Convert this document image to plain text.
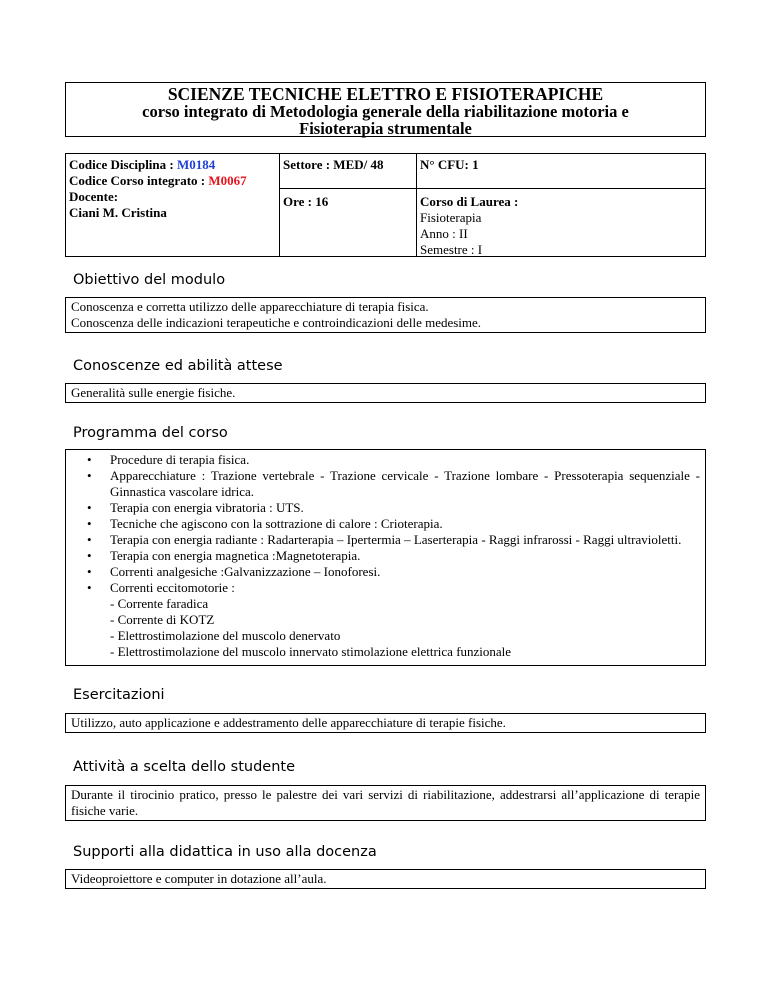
SCIENZE TECNICHE ELETTRO E FISIOTERAPICHE
corso integrato di Metodologia generale della riabilitazione motoria e
Fisioterapia strumentale
Codice Disciplina : M0184
Codice Corso integrato : M0067
Docente:
Ciani M. Cristina
Settore : MED/ 48
Ore : 16
N° CFU: 1
Corso di Laurea :
Fisioterapia
Anno : II
Semestre : I
Obiettivo del modulo
Conoscenza e corretta utilizzo delle apparecchiature di terapia fisica.
Conoscenza delle indicazioni terapeutiche e controindicazioni delle medesime.
Conoscenze ed abilità attese
Generalità sulle energie fisiche.
Programma del corso
• Procedure di terapia fisica.
• Apparecchiature : Trazione vertebrale - Trazione cervicale - Trazione lombare - Pressoterapia sequenziale - Ginnastica vascolare idrica.
• Terapia con energia vibratoria : UTS.
• Tecniche che agiscono con la sottrazione di calore : Crioterapia.
• Terapia con energia radiante : Radarterapia – Ipertermia – Laserterapia - Raggi infrarossi - Raggi ultravioletti.
• Terapia con energia magnetica :Magnetoterapia.
• Correnti analgesiche :Galvanizzazione – Ionoforesi.
• Correnti eccitomotorie :
- Corrente faradica
- Corrente di KOTZ
- Elettrostimolazione del muscolo denervato
- Elettrostimolazione del muscolo innervato stimolazione elettrica funzionale
Esercitazioni
Utilizzo, auto applicazione e addestramento delle apparecchiature di terapie fisiche.
Attività a scelta dello studente
Durante il tirocinio pratico, presso le palestre dei vari servizi di riabilitazione, addestrarsi all’applicazione di terapie fisiche varie.
Supporti alla didattica in uso alla docenza
Videoproiettore e computer in dotazione all’aula.
